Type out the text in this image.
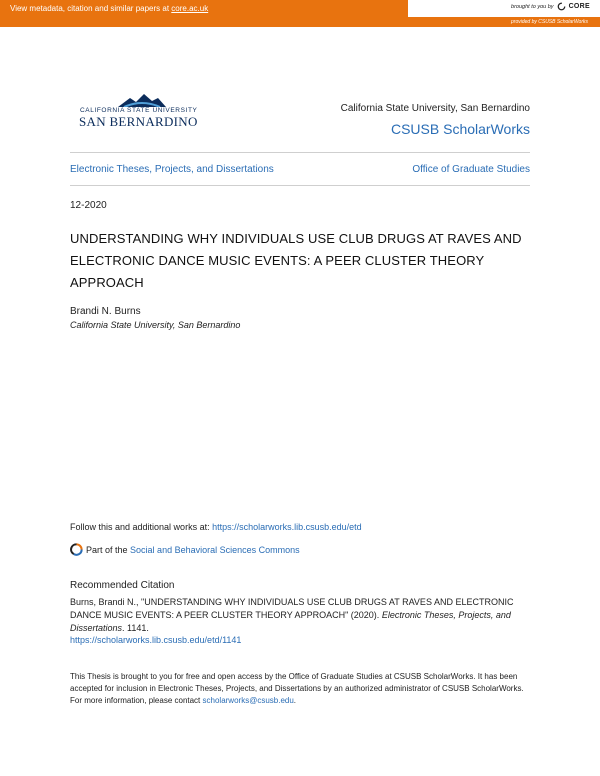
View metadata, citation and similar papers at core.ac.uk	brought to you by CORE
provided by CSUSB ScholarWorks
CALIFORNIA STATE UNIVERSITY
SAN BERNARDINO
California State University, San Bernardino
CSUSB ScholarWorks
Electronic Theses, Projects, and Dissertations	Office of Graduate Studies
12-2020
UNDERSTANDING WHY INDIVIDUALS USE CLUB DRUGS AT RAVES AND ELECTRONIC DANCE MUSIC EVENTS: A PEER CLUSTER THEORY APPROACH
Brandi N. Burns
California State University, San Bernardino
Follow this and additional works at: https://scholarworks.lib.csusb.edu/etd
Part of the
Social and Behavioral Sciences Commons
Recommended Citation
Burns, Brandi N., "UNDERSTANDING WHY INDIVIDUALS USE CLUB DRUGS AT RAVES AND ELECTRONIC DANCE MUSIC EVENTS: A PEER CLUSTER THEORY APPROACH" (2020). Electronic Theses, Projects, and Dissertations. 1141.
https://scholarworks.lib.csusb.edu/etd/1141
This Thesis is brought to you for free and open access by the Office of Graduate Studies at CSUSB ScholarWorks. It has been accepted for inclusion in Electronic Theses, Projects, and Dissertations by an authorized administrator of CSUSB ScholarWorks. For more information, please contact scholarworks@csusb.edu.
